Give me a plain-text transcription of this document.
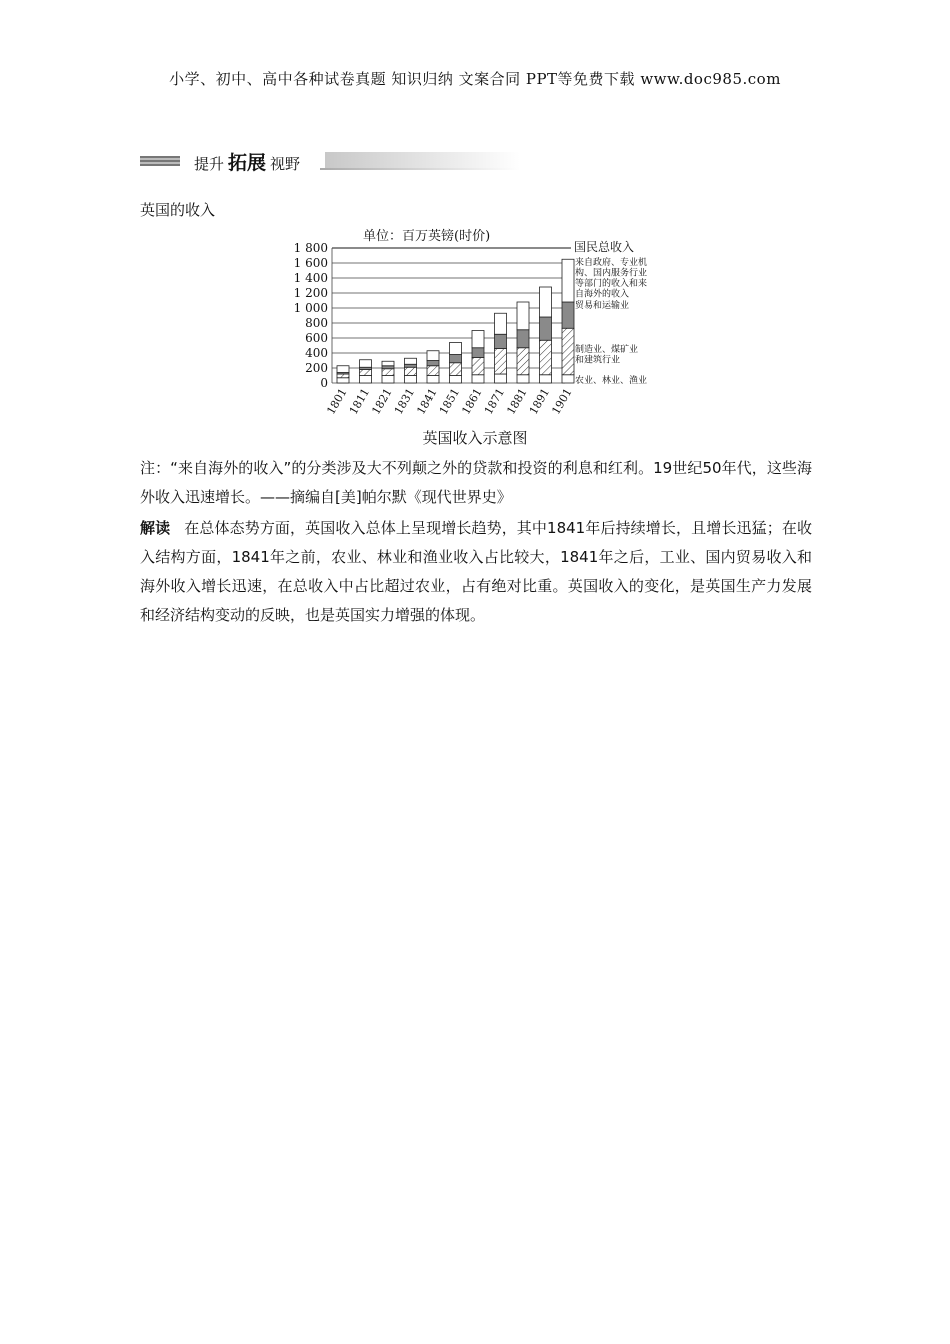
小学、初中、高中各种试卷真题 知识归纳 文案合同 PPT等免费下载 www.doc985.com
提升 拓展 视野
英国的收入
0
200
400
600
800
1 000
1 200
1 400
1 600
1 800
1801
1811
1821
1831
1841
1851
1861
1871
1881
1891
1901
来自政府、专业机
构、国内服务行业
等部门的收入和来
自海外的收入
贸易和运输业
制造业、煤矿业
和建筑行业
农业、林业、渔业
单位：百万英镑(时价)
国民总收入
英国收入示意图
注：“来自海外的收入”的分类涉及大不列颠之外的贷款和投资的利息和红利。19世纪50年代，这些海外收入迅速增长。——摘编自[美]帕尔默《现代世界史》
解读 在总体态势方面，英国收入总体上呈现增长趋势，其中1841年后持续增长，且增长迅猛；在收入结构方面，1841年之前，农业、林业和渔业收入占比较大，1841年之后，工业、国内贸易收入和海外收入增长迅速，在总收入中占比超过农业，占有绝对比重。英国收入的变化，是英国生产力发展和经济结构变动的反映，也是英国实力增强的体现。
